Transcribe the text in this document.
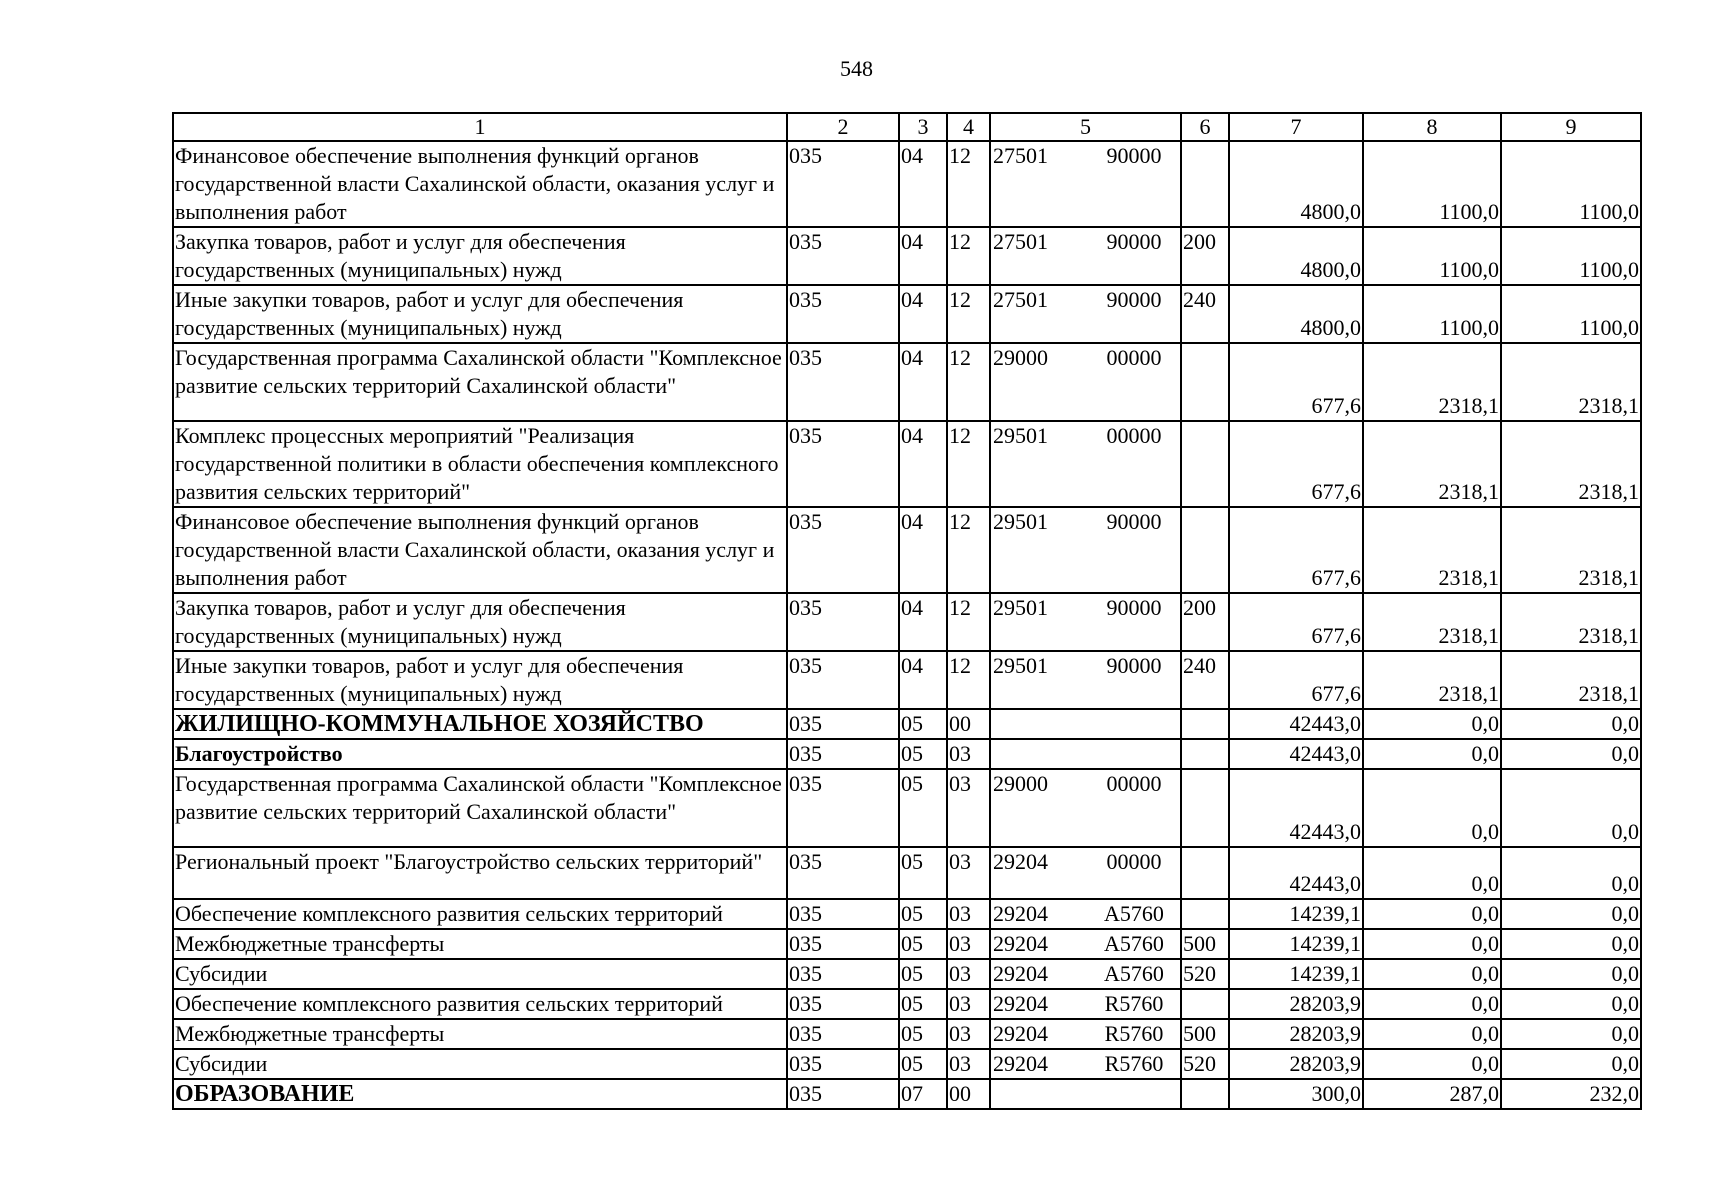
548
1	2	3	4	5	6	7	8	9
Финансовое обеспечение выполнения функций органов государственной власти Сахалинской области, оказания услуг и выполнения работ	035	04	12	27501 90000		4800,0	1100,0	1100,0
Закупка товаров, работ и услуг для обеспечения государственных (муниципальных) нужд	035	04	12	27501 90000	200	4800,0	1100,0	1100,0
Иные закупки товаров, работ и услуг для обеспечения государственных (муниципальных) нужд	035	04	12	27501 90000	240	4800,0	1100,0	1100,0
Государственная программа Сахалинской области "Комплексное развитие сельских территорий Сахалинской области"	035	04	12	29000 00000		677,6	2318,1	2318,1
Комплекс процессных мероприятий "Реализация государственной политики в области обеспечения комплексного развития сельских территорий"	035	04	12	29501 00000		677,6	2318,1	2318,1
Финансовое обеспечение выполнения функций органов государственной власти Сахалинской области, оказания услуг и выполнения работ	035	04	12	29501 90000		677,6	2318,1	2318,1
Закупка товаров, работ и услуг для обеспечения государственных (муниципальных) нужд	035	04	12	29501 90000	200	677,6	2318,1	2318,1
Иные закупки товаров, работ и услуг для обеспечения государственных (муниципальных) нужд	035	04	12	29501 90000	240	677,6	2318,1	2318,1
ЖИЛИЩНО-КОММУНАЛЬНОЕ ХОЗЯЙСТВО	035	05	00			42443,0	0,0	0,0
Благоустройство	035	05	03			42443,0	0,0	0,0
Государственная программа Сахалинской области "Комплексное развитие сельских территорий Сахалинской области"	035	05	03	29000 00000		42443,0	0,0	0,0
Региональный проект "Благоустройство сельских территорий"	035	05	03	29204 00000		42443,0	0,0	0,0
Обеспечение комплексного развития сельских территорий	035	05	03	29204 A5760		14239,1	0,0	0,0
Межбюджетные трансферты	035	05	03	29204 A5760	500	14239,1	0,0	0,0
Субсидии	035	05	03	29204 A5760	520	14239,1	0,0	0,0
Обеспечение комплексного развития сельских территорий	035	05	03	29204 R5760		28203,9	0,0	0,0
Межбюджетные трансферты	035	05	03	29204 R5760	500	28203,9	0,0	0,0
Субсидии	035	05	03	29204 R5760	520	28203,9	0,0	0,0
ОБРАЗОВАНИЕ	035	07	00			300,0	287,0	232,0
